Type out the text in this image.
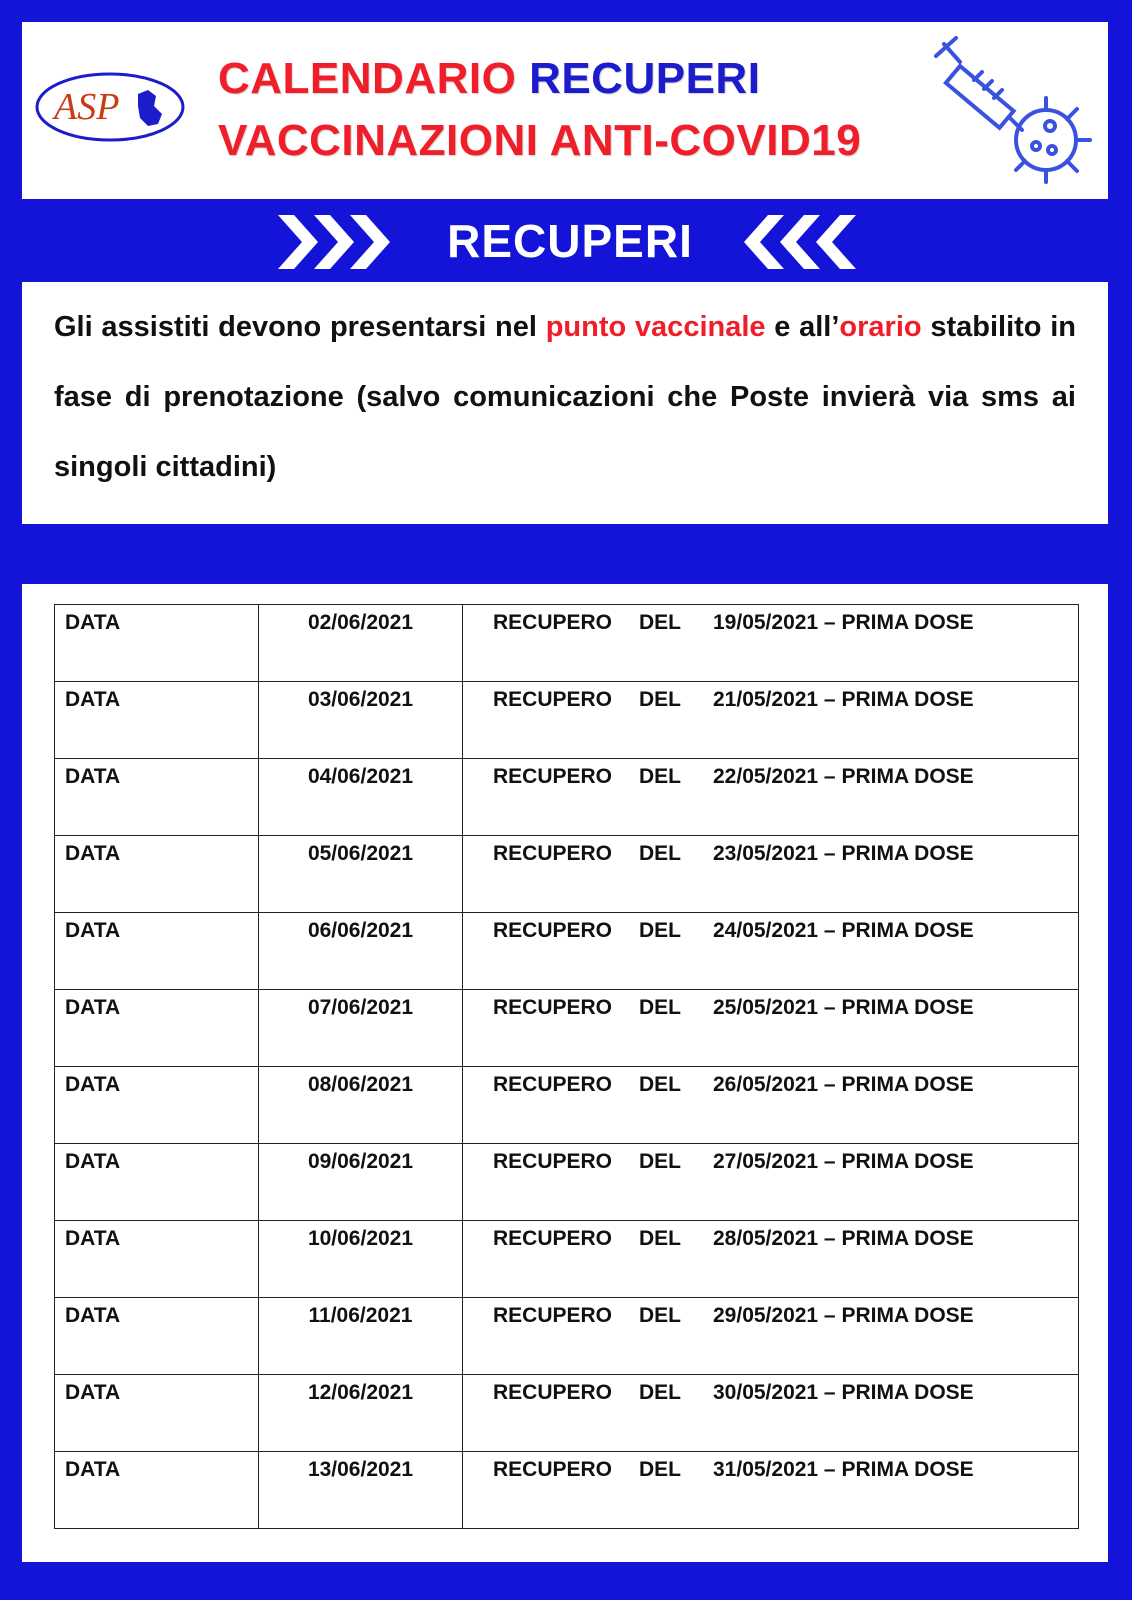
ASP
CALENDARIO RECUPERI
VACCINAZIONI ANTI-COVID19
RECUPERI
Gli assistiti devono presentarsi nel punto vaccinale e all’orario stabilito in fase di prenotazione (salvo comunicazioni che Poste invierà via sms ai singoli cittadini)
DATA	02/06/2021	RECUPERO DEL 19/05/2021 – PRIMA DOSE
DATA	03/06/2021	RECUPERO DEL 21/05/2021 – PRIMA DOSE
DATA	04/06/2021	RECUPERO DEL 22/05/2021 – PRIMA DOSE
DATA	05/06/2021	RECUPERO DEL 23/05/2021 – PRIMA DOSE
DATA	06/06/2021	RECUPERO DEL 24/05/2021 – PRIMA DOSE
DATA	07/06/2021	RECUPERO DEL 25/05/2021 – PRIMA DOSE
DATA	08/06/2021	RECUPERO DEL 26/05/2021 – PRIMA DOSE
DATA	09/06/2021	RECUPERO DEL 27/05/2021 – PRIMA DOSE
DATA	10/06/2021	RECUPERO DEL 28/05/2021 – PRIMA DOSE
DATA	11/06/2021	RECUPERO DEL 29/05/2021 – PRIMA DOSE
DATA	12/06/2021	RECUPERO DEL 30/05/2021 – PRIMA DOSE
DATA	13/06/2021	RECUPERO DEL 31/05/2021 – PRIMA DOSE
